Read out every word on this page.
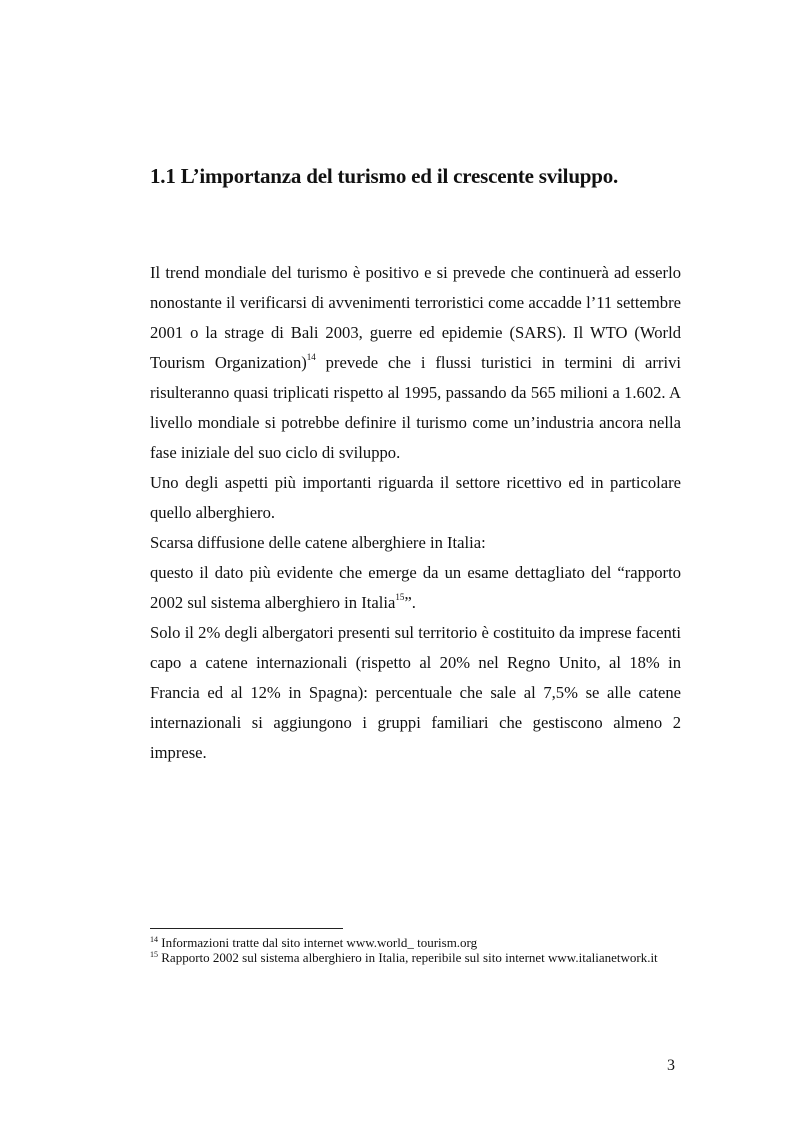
1.1 L’importanza del turismo ed il crescente sviluppo.

Il trend mondiale del turismo è positivo e si prevede che continuerà ad esserlo nonostante il verificarsi di avvenimenti terroristici come accadde l’11 settembre 2001 o la strage di Bali 2003, guerre ed epidemie (SARS). Il WTO (World Tourism Organization)$^{14}$ prevede che i flussi turistici in termini di arrivi risulteranno quasi triplicati rispetto al 1995, passando da 565 milioni a 1.602. A livello mondiale si potrebbe definire il turismo come un’industria ancora nella fase iniziale del suo ciclo di sviluppo.

Uno degli aspetti più importanti riguarda il settore ricettivo ed in particolare quello alberghiero.

Scarsa diffusione delle catene alberghiere in Italia:

questo il dato più evidente che emerge da un esame dettagliato del “rapporto 2002 sul sistema alberghiero in Italia$^{15}$”.

Solo il 2% degli albergatori presenti sul territorio è costituito da imprese facenti capo a catene internazionali (rispetto al 20% nel Regno Unito, al 18% in Francia ed al 12% in Spagna): percentuale che sale al 7,5% se alle catene internazionali si aggiungono i gruppi familiari che gestiscono almeno 2 imprese.

$^{14}$ Informazioni tratte dal sito internet www.world_ tourism.org

$^{15}$ Rapporto 2002 sul sistema alberghiero in Italia, reperibile sul sito internet www.italianetwork.it

3
